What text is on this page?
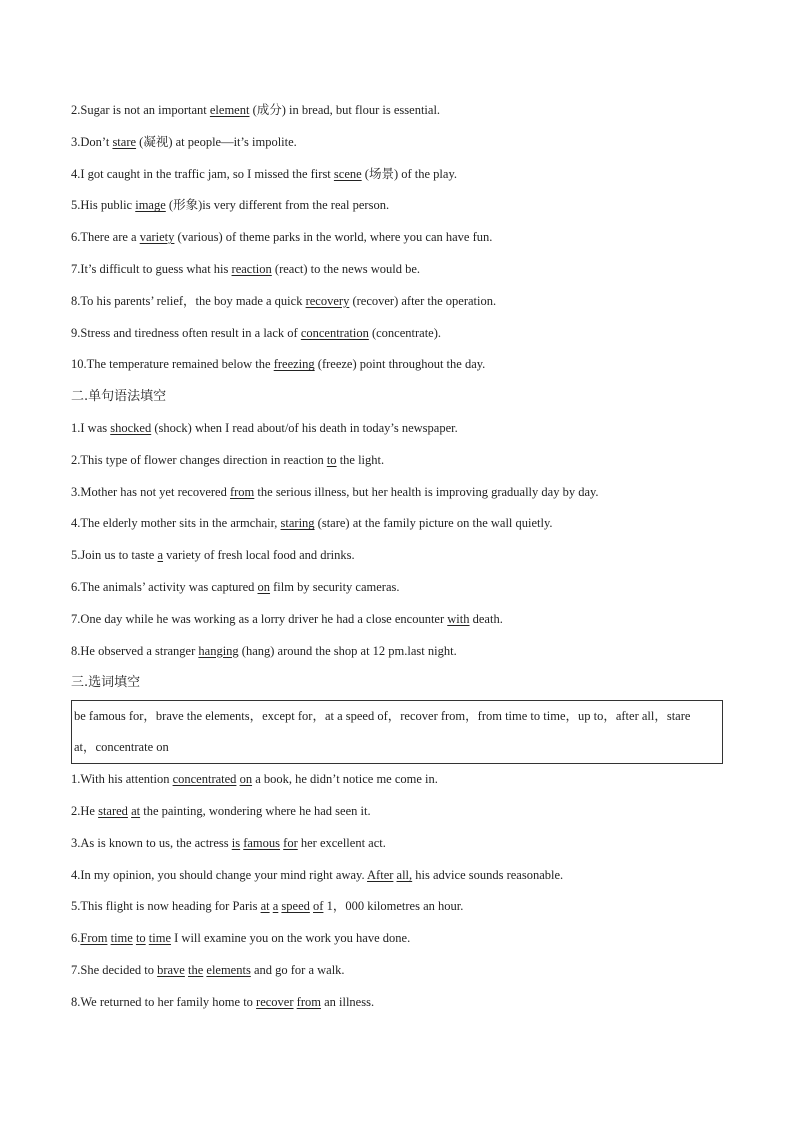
2.Sugar is not an important element (成分) in bread, but flour is essential.
3.Don’t stare (凝视) at people—it’s impolite.
4.I got caught in the traffic jam, so I missed the first scene (场景) of the play.
5.His public image (形象)is very different from the real person.
6.There are a variety (various) of theme parks in the world, where you can have fun.
7.It’s difficult to guess what his reaction (react) to the news would be.
8.To his parents’ relief，the boy made a quick recovery (recover) after the operation.
9.Stress and tiredness often result in a lack of concentration (concentrate).
10.The temperature remained below the freezing (freeze) point throughout the day.
二.单句语法填空
1.I was shocked (shock) when I read about/of his death in today’s newspaper.
2.This type of flower changes direction in reaction to the light.
3.Mother has not yet recovered from the serious illness, but her health is improving gradually day by day.
4.The elderly mother sits in the armchair, staring (stare) at the family picture on the wall quietly.
5.Join us to taste a variety of fresh local food and drinks.
6.The animals’ activity was captured on film by security cameras.
7.One day while he was working as a lorry driver he had a close encounter with death.
8.He observed a stranger hanging (hang) around the shop at 12 pm.last night.
三.选词填空
be famous for，brave the elements，except for，at a speed of，recover from，from time to time，up to，after all，stare
at，concentrate on
1.With his attention concentrated on a book, he didn’t notice me come in.
2.He stared at the painting, wondering where he had seen it.
3.As is known to us, the actress is famous for her excellent act.
4.In my opinion, you should change your mind right away. After all, his advice sounds reasonable.
5.This flight is now heading for Paris at a speed of 1，000 kilometres an hour.
6.From time to time I will examine you on the work you have done.
7.She decided to brave the elements and go for a walk.
8.We returned to her family home to recover from an illness.
